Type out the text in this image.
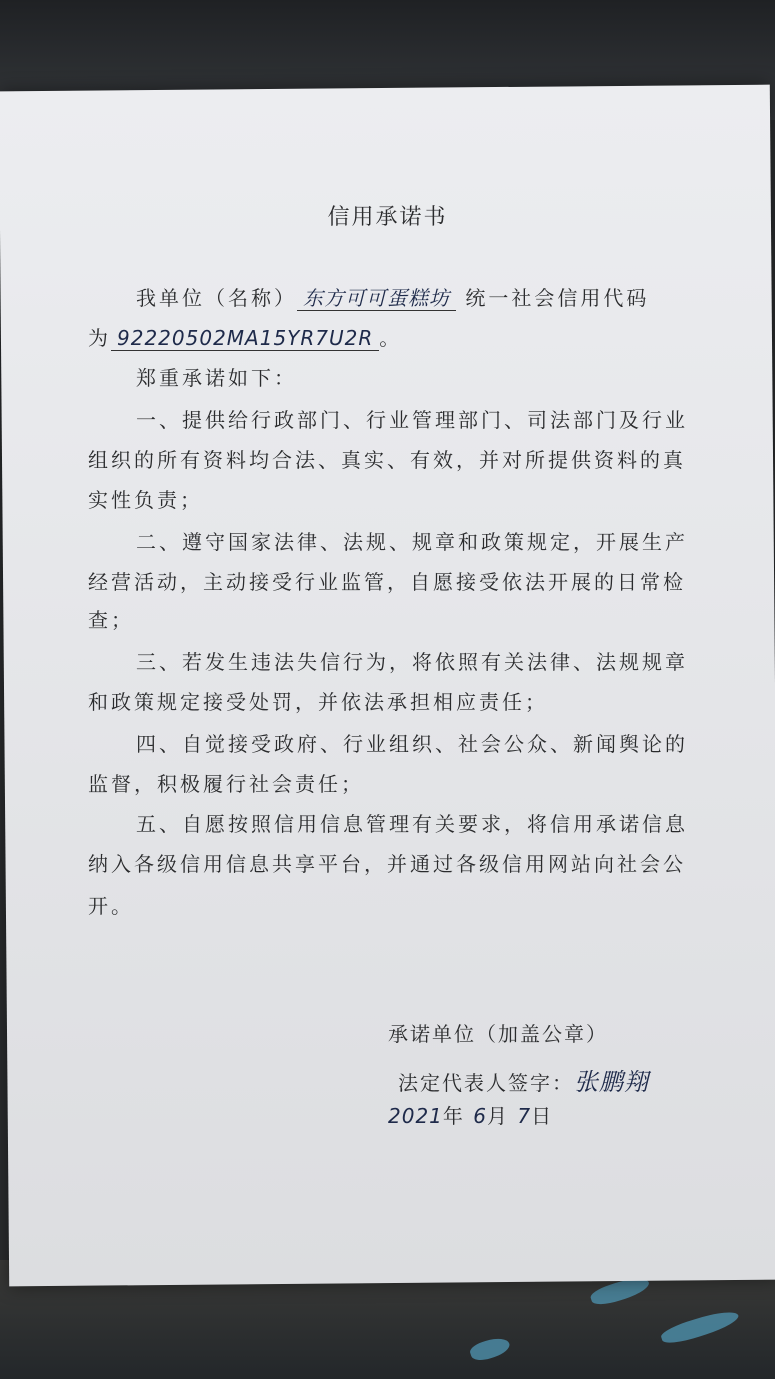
信用承诺书
我单位（名称） 东方可可蛋糕坊 统一社会信用代码
为 92220502MA15YR7U2R 。
郑重承诺如下：
一、提供给行政部门、行业管理部门、司法部门及行业
组织的所有资料均合法、真实、有效，并对所提供资料的真
实性负责；
二、遵守国家法律、法规、规章和政策规定，开展生产
经营活动，主动接受行业监管，自愿接受依法开展的日常检
查；
三、若发生违法失信行为，将依照有关法律、法规规章
和政策规定接受处罚，并依法承担相应责任；
四、自觉接受政府、行业组织、社会公众、新闻舆论的
监督，积极履行社会责任；
五、自愿按照信用信息管理有关要求，将信用承诺信息
纳入各级信用信息共享平台，并通过各级信用网站向社会公
开。
承诺单位（加盖公章）
法定代表人签字：张鹏翔
2021年 6月 7日
